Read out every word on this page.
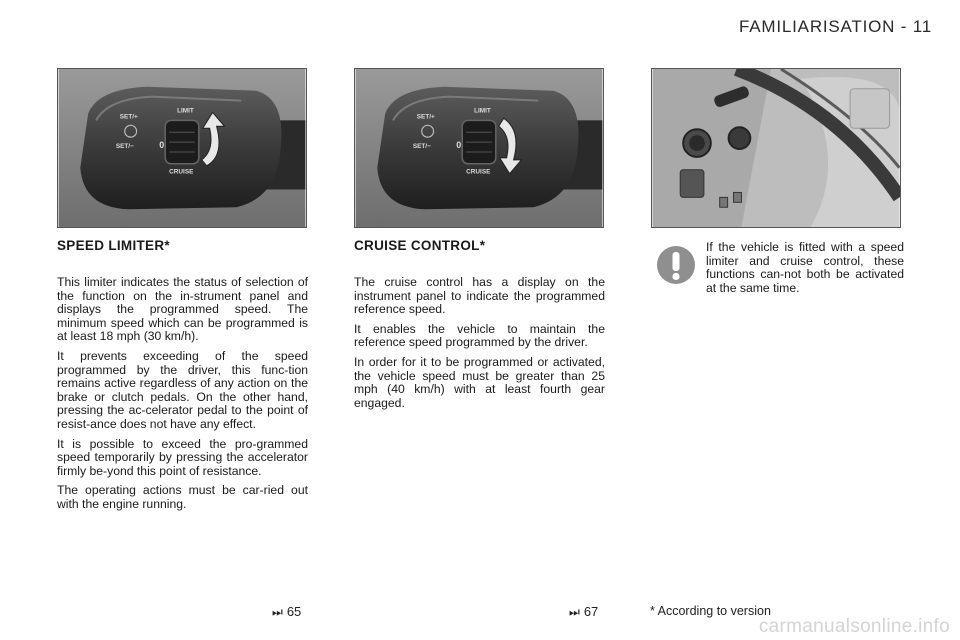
FAMILIARISATION - 11
SET/+
SET/−
LIMIT
0
CRUISE
SET/+
SET/−
LIMIT
0
CRUISE
SPEED LIMITER*

This limiter indicates the status of selection of the function on the in-strument panel and displays the programmed speed. The minimum speed which can be programmed is at least 18 mph (30 km/h).

It prevents exceeding of the speed programmed by the driver, this func-tion remains active regardless of any action on the brake or clutch pedals. On the other hand, pressing the ac-celerator pedal to the point of resist-ance does not have any effect.

It is possible to exceed the pro-grammed speed temporarily by pressing the accelerator firmly be-yond this point of resistance.

The operating actions must be car-ried out with the engine running.

CRUISE CONTROL*

The cruise control has a display on the instrument panel to indicate the programmed reference speed.

It enables the vehicle to maintain the reference speed programmed by the driver.

In order for it to be programmed or activated, the vehicle speed must be greater than 25 mph (40 km/h) with at least fourth gear engaged.

If the vehicle is fitted with a speed limiter and cruise control, these functions can-not both be activated at the same time.
⏭ 65	⏭ 67	* According to version
carmanualsonline.info
